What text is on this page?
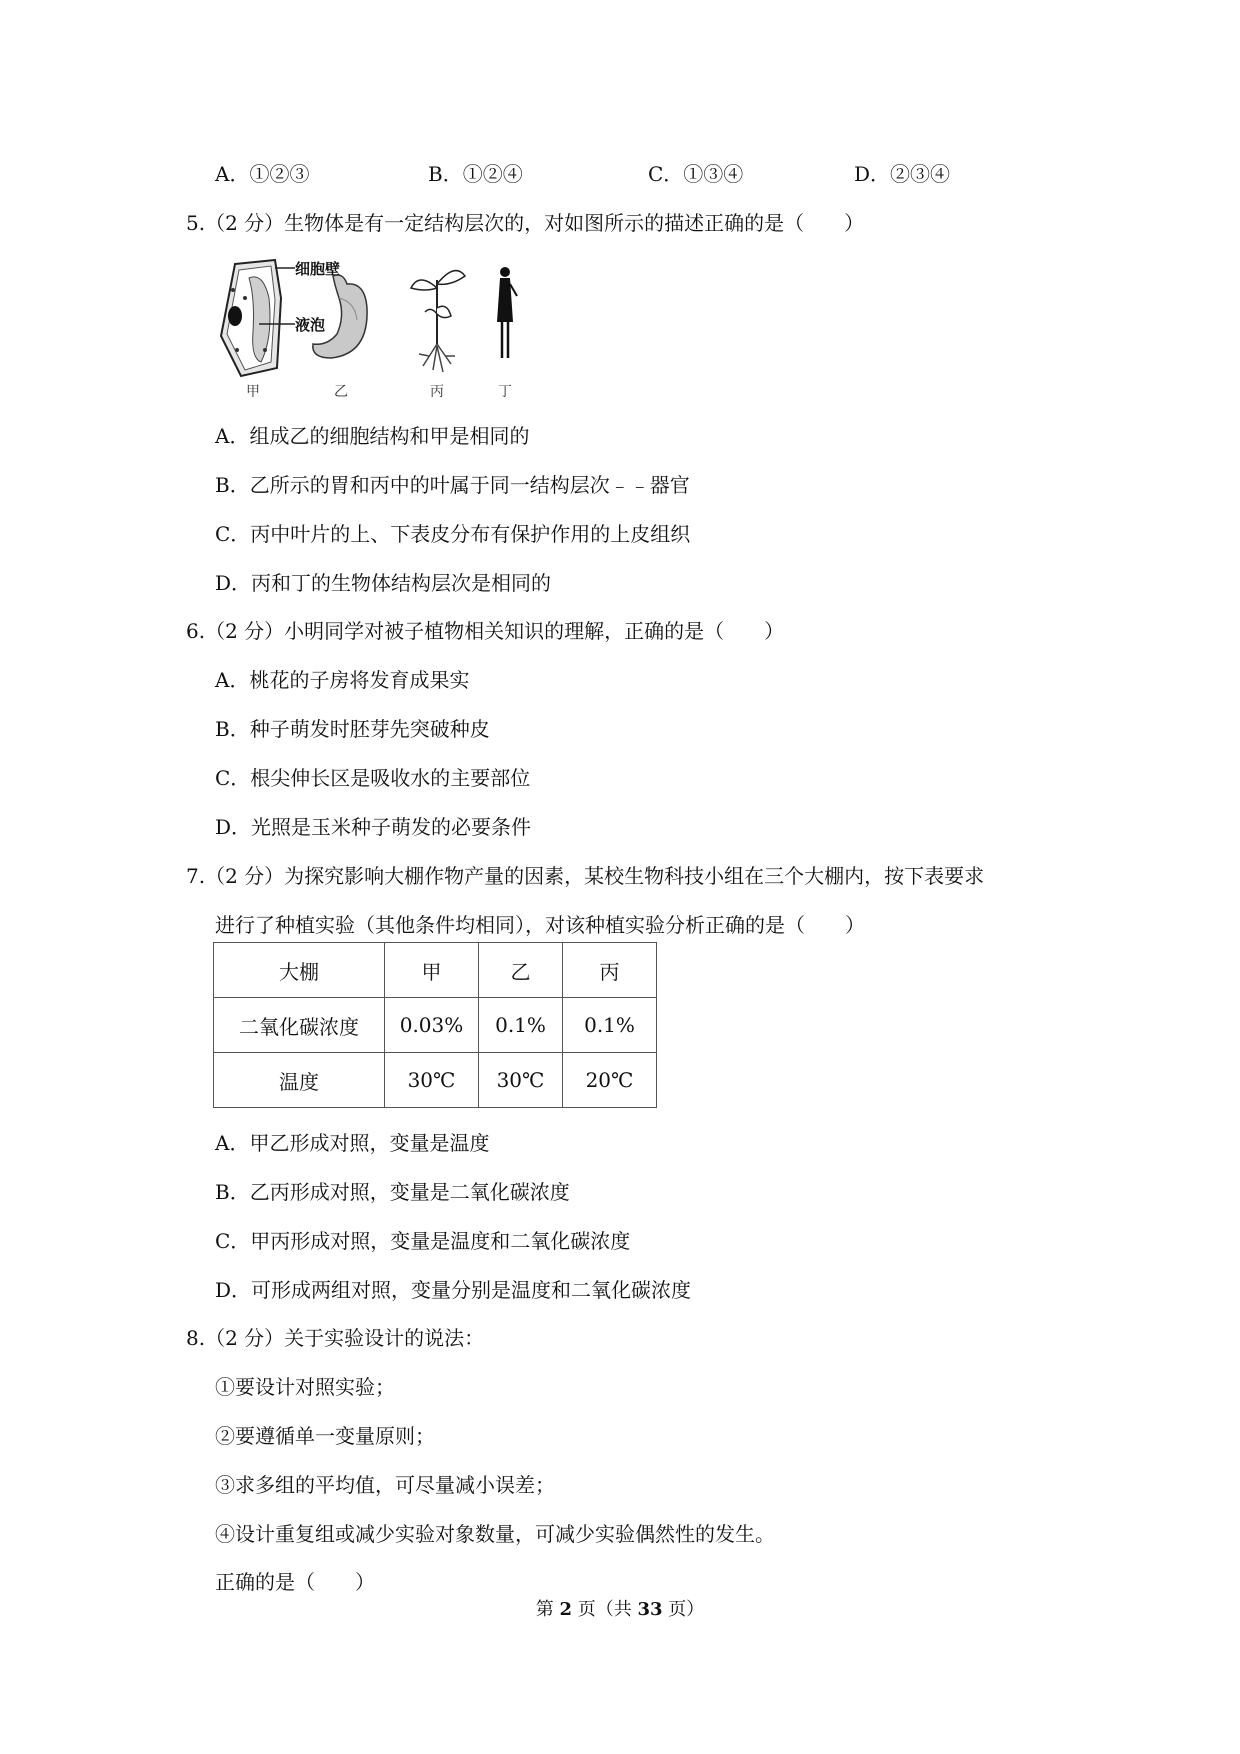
A．①②③	B．①②④	C．①③④	D．②③④
5.（2 分）生物体是有一定结构层次的，对如图所示的描述正确的是（　　）
细胞壁
液泡
甲	乙	丙	丁
A．组成乙的细胞结构和甲是相同的
B．乙所示的胃和丙中的叶属于同一结构层次﹣﹣器官
C．丙中叶片的上、下表皮分布有保护作用的上皮组织
D．丙和丁的生物体结构层次是相同的
6.（2 分）小明同学对被子植物相关知识的理解，正确的是（　　）
A．桃花的子房将发育成果实
B．种子萌发时胚芽先突破种皮
C．根尖伸长区是吸收水的主要部位
D．光照是玉米种子萌发的必要条件
7.（2 分）为探究影响大棚作物产量的因素，某校生物科技小组在三个大棚内，按下表要求
进行了种植实验（其他条件均相同），对该种植实验分析正确的是（　　）
大棚	甲	乙	丙
二氧化碳浓度	0.03%	0.1%	0.1%
温度	30℃	30℃	20℃
A．甲乙形成对照，变量是温度
B．乙丙形成对照，变量是二氧化碳浓度
C．甲丙形成对照，变量是温度和二氧化碳浓度
D．可形成两组对照，变量分别是温度和二氧化碳浓度
8.（2 分）关于实验设计的说法：
①要设计对照实验；
②要遵循单一变量原则；
③求多组的平均值，可尽量减小误差；
④设计重复组或减少实验对象数量，可减少实验偶然性的发生。
正确的是（　　）
第 2 页（共 33 页）
